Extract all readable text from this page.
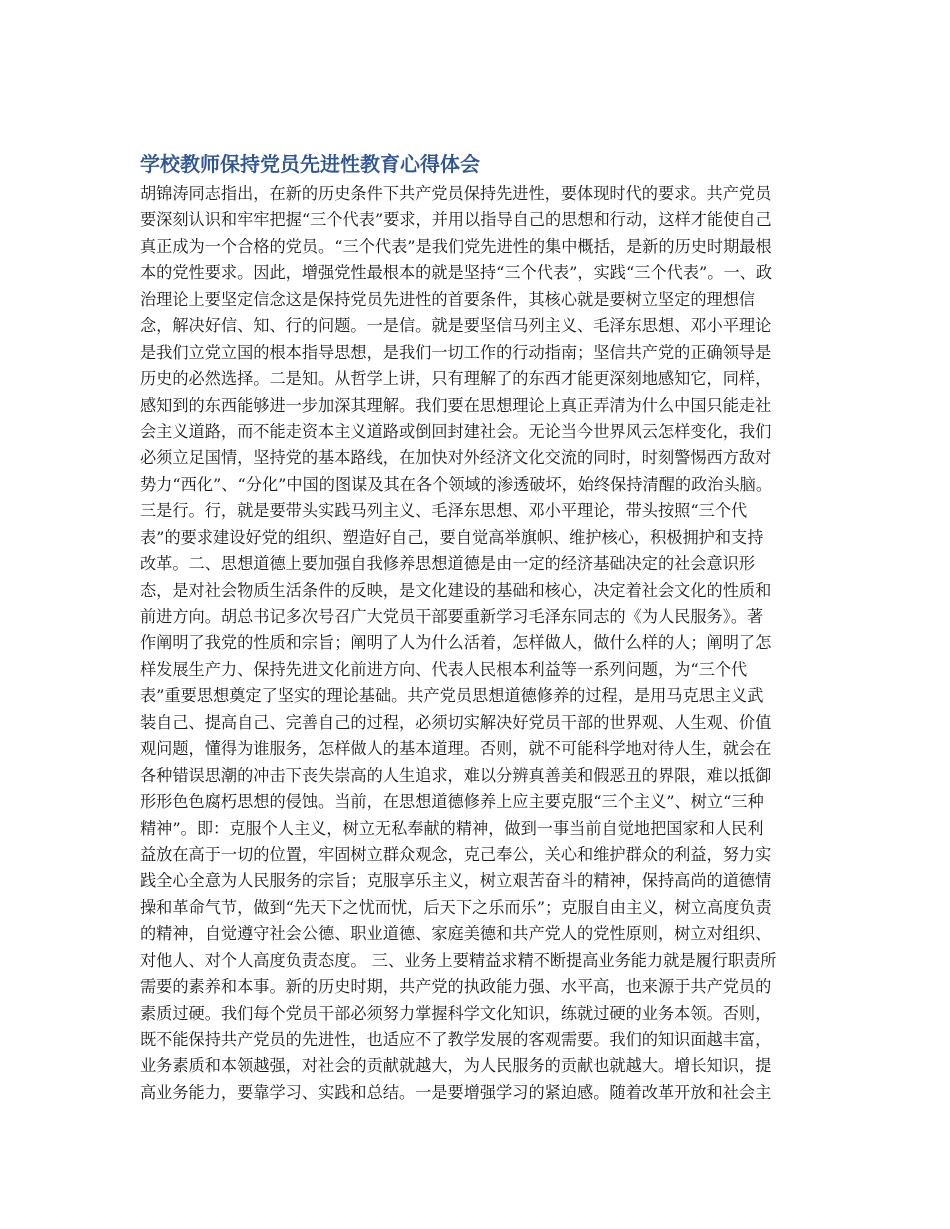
学校教师保持党员先进性教育心得体会
胡锦涛同志指出，在新的历史条件下共产党员保持先进性，要体现时代的要求。共产党员
要深刻认识和牢牢把握“三个代表”要求，并用以指导自己的思想和行动，这样才能使自己
真正成为一个合格的党员。“三个代表”是我们党先进性的集中概括，是新的历史时期最根
本的党性要求。因此，增强党性最根本的就是坚持“三个代表”，实践“三个代表”。一、政
治理论上要坚定信念这是保持党员先进性的首要条件，其核心就是要树立坚定的理想信
念，解决好信、知、行的问题。一是信。就是要坚信马列主义、毛泽东思想、邓小平理论
是我们立党立国的根本指导思想，是我们一切工作的行动指南；坚信共产党的正确领导是
历史的必然选择。二是知。从哲学上讲，只有理解了的东西才能更深刻地感知它，同样，
感知到的东西能够进一步加深其理解。我们要在思想理论上真正弄清为什么中国只能走社
会主义道路，而不能走资本主义道路或倒回封建社会。无论当今世界风云怎样变化，我们
必须立足国情，坚持党的基本路线，在加快对外经济文化交流的同时，时刻警惕西方敌对
势力“西化”、“分化”中国的图谋及其在各个领域的渗透破坏，始终保持清醒的政治头脑。
三是行。行，就是要带头实践马列主义、毛泽东思想、邓小平理论，带头按照“三个代
表”的要求建设好党的组织、塑造好自己，要自觉高举旗帜、维护核心，积极拥护和支持
改革。二、思想道德上要加强自我修养思想道德是由一定的经济基础决定的社会意识形
态，是对社会物质生活条件的反映，是文化建设的基础和核心，决定着社会文化的性质和
前进方向。胡总书记多次号召广大党员干部要重新学习毛泽东同志的《为人民服务》。著
作阐明了我党的性质和宗旨；阐明了人为什么活着，怎样做人，做什么样的人；阐明了怎
样发展生产力、保持先进文化前进方向、代表人民根本利益等一系列问题，为“三个代
表”重要思想奠定了坚实的理论基础。共产党员思想道德修养的过程，是用马克思主义武
装自己、提高自己、完善自己的过程，必须切实解决好党员干部的世界观、人生观、价值
观问题，懂得为谁服务，怎样做人的基本道理。否则，就不可能科学地对待人生，就会在
各种错误思潮的冲击下丧失崇高的人生追求，难以分辨真善美和假恶丑的界限，难以抵御
形形色色腐朽思想的侵蚀。当前，在思想道德修养上应主要克服“三个主义”、树立“三种
精神”。即：克服个人主义，树立无私奉献的精神，做到一事当前自觉地把国家和人民利
益放在高于一切的位置，牢固树立群众观念，克己奉公，关心和维护群众的利益，努力实
践全心全意为人民服务的宗旨；克服享乐主义，树立艰苦奋斗的精神，保持高尚的道德情
操和革命气节，做到“先天下之忧而忧，后天下之乐而乐”；克服自由主义，树立高度负责
的精神，自觉遵守社会公德、职业道德、家庭美德和共产党人的党性原则，树立对组织、
对他人、对个人高度负责态度。 三、业务上要精益求精不断提高业务能力就是履行职责所
需要的素养和本事。新的历史时期，共产党的执政能力强、水平高，也来源于共产党员的
素质过硬。我们每个党员干部必须努力掌握科学文化知识，练就过硬的业务本领。否则，
既不能保持共产党员的先进性，也适应不了教学发展的客观需要。我们的知识面越丰富，
业务素质和本领越强，对社会的贡献就越大，为人民服务的贡献也就越大。增长知识，提
高业务能力，要靠学习、实践和总结。一是要增强学习的紧迫感。随着改革开放和社会主
